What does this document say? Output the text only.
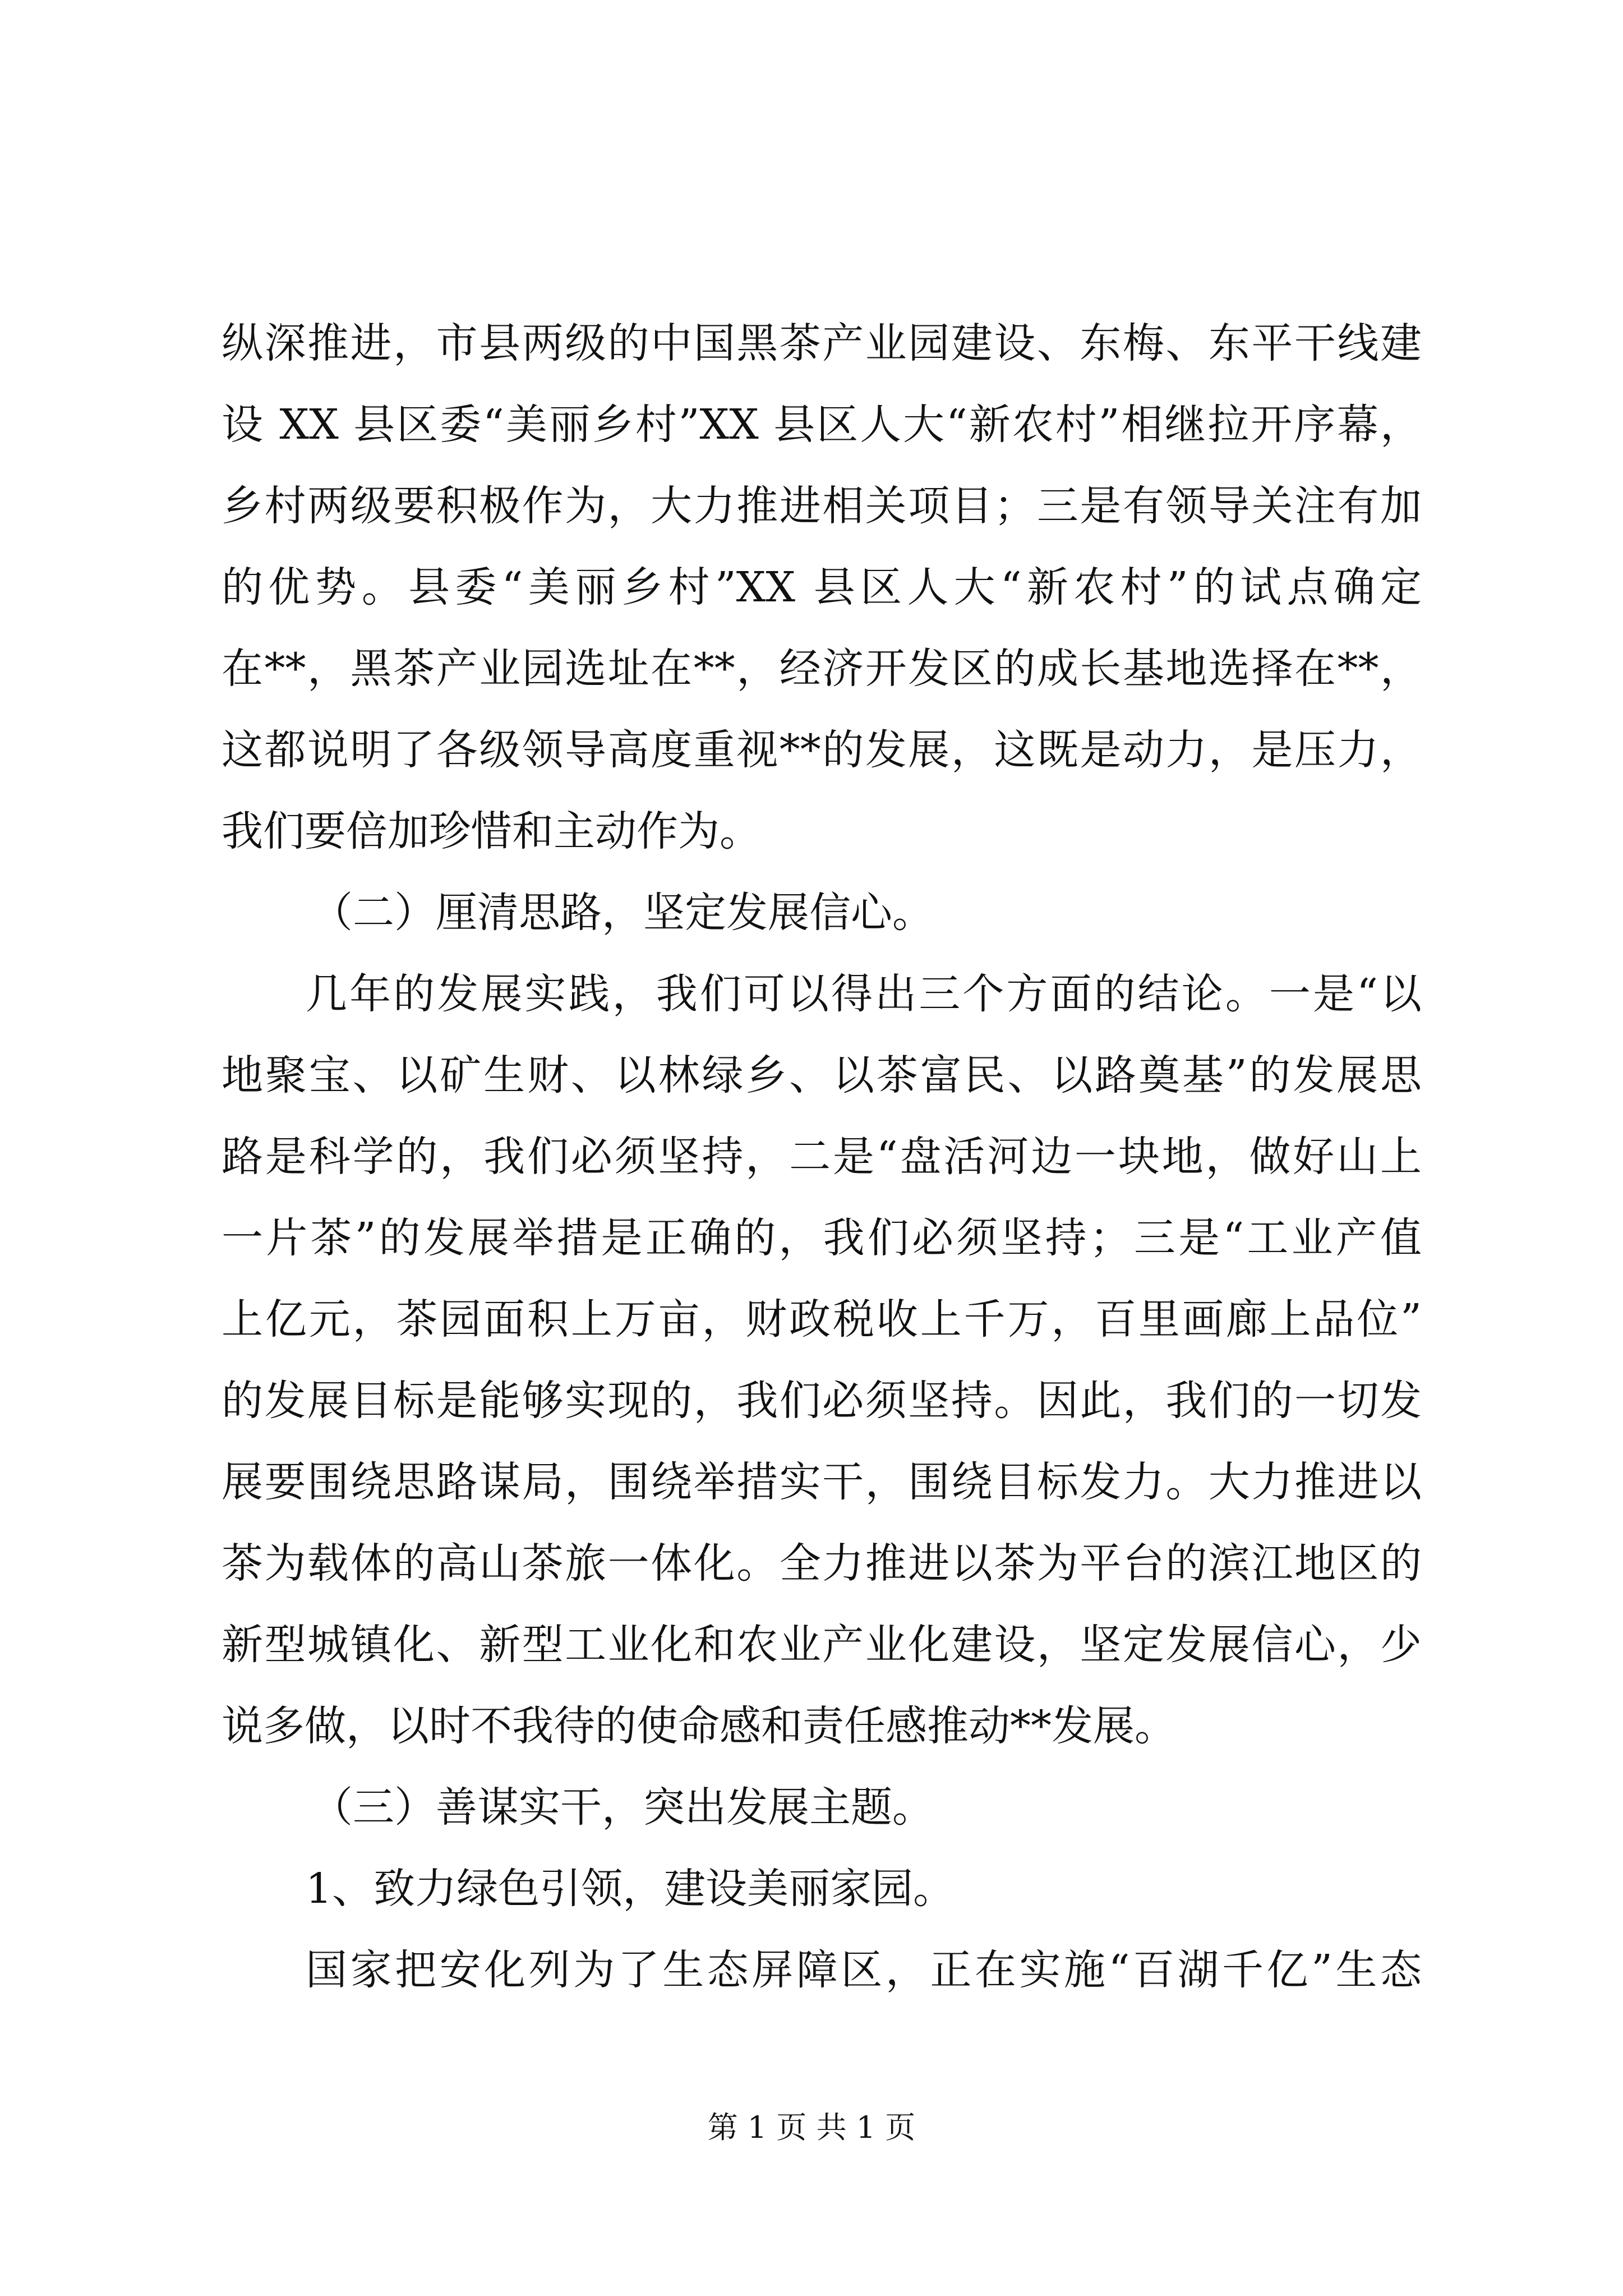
纵深推进，市县两级的中国黑茶产业园建设、东梅、东平干线建
设 XX 县区委“美丽乡村”XX 县区人大“新农村”相继拉开序幕，
乡村两级要积极作为，大力推进相关项目；三是有领导关注有加
的优势。县委“美丽乡村”XX 县区人大“新农村”的试点确定
在**，黑茶产业园选址在**，经济开发区的成长基地选择在**，
这都说明了各级领导高度重视**的发展，这既是动力，是压力，
我们要倍加珍惜和主动作为。
（二）厘清思路，坚定发展信心。
几年的发展实践，我们可以得出三个方面的结论。一是“以
地聚宝、以矿生财、以林绿乡、以茶富民、以路奠基”的发展思
路是科学的，我们必须坚持，二是“盘活河边一块地，做好山上
一片茶”的发展举措是正确的，我们必须坚持；三是“工业产值
上亿元，茶园面积上万亩，财政税收上千万，百里画廊上品位”
的发展目标是能够实现的，我们必须坚持。因此，我们的一切发
展要围绕思路谋局，围绕举措实干，围绕目标发力。大力推进以
茶为载体的高山茶旅一体化。全力推进以茶为平台的滨江地区的
新型城镇化、新型工业化和农业产业化建设，坚定发展信心，少
说多做，以时不我待的使命感和责任感推动**发展。
（三）善谋实干，突出发展主题。
1、致力绿色引领，建设美丽家园。
国家把安化列为了生态屏障区，正在实施“百湖千亿”生态
第 1 页 共 1 页
